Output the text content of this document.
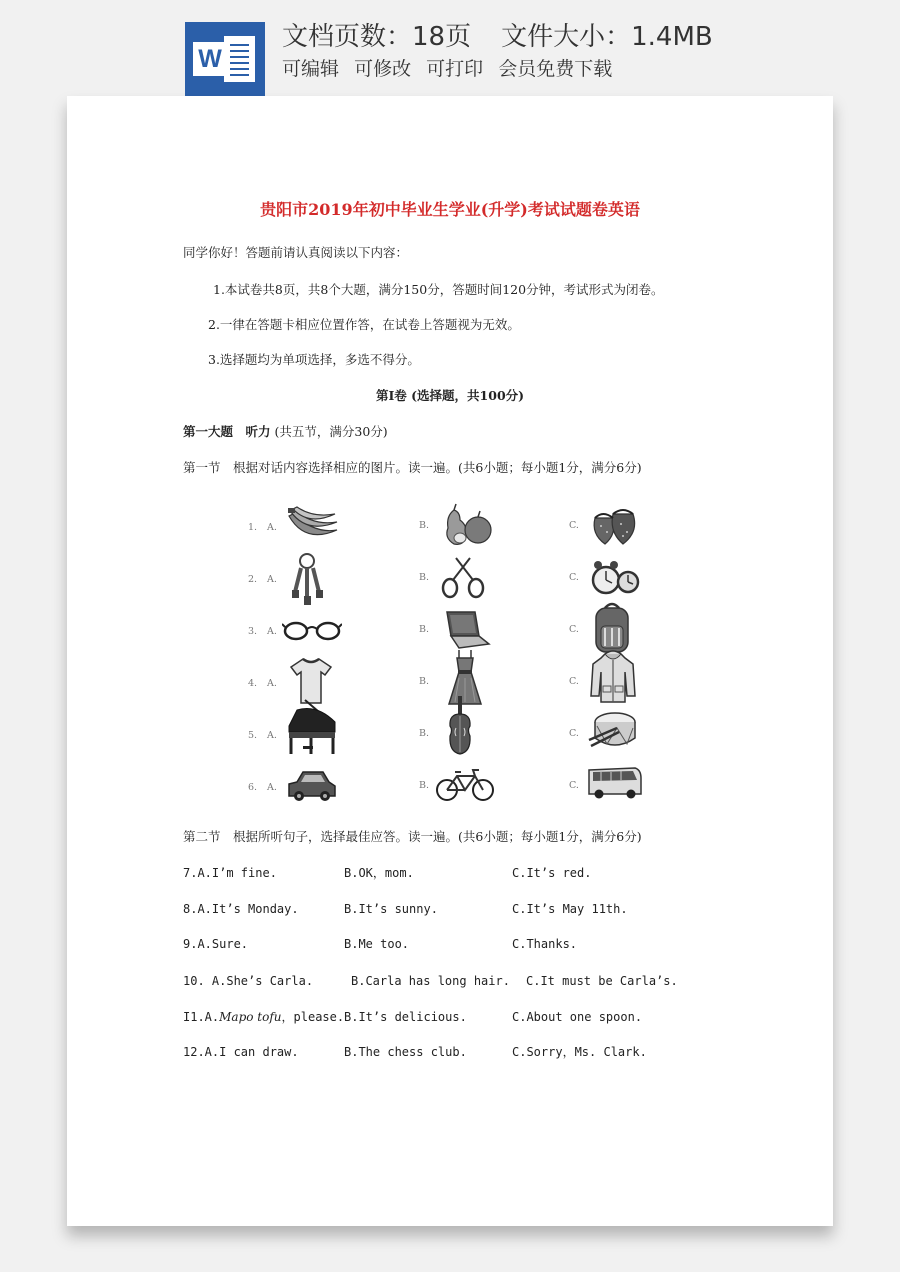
W
文档页数：18页 文件大小：1.4MB
可编辑 可修改 可打印 会员免费下载
贵阳市2019年初中毕业生学业(升学)考试试题卷英语
同学你好！答题前请认真阅读以下内容：
1.本试卷共8页，共8个大题，满分150分，答题时间120分钟，考试形式为闭卷。
2.一律在答题卡相应位置作答，在试卷上答题视为无效。
3.选择题均为单项选择，多选不得分。
第Ⅰ卷 (选择题，共100分)
第一大题　听力 (共五节，满分30分)
第一节　根据对话内容选择相应的图片。读一遍。(共6小题；每小题1分，满分6分)
1. A.	B.	C.
2. A.	B.	C.
3. A.	B.	C.
4. A.	B.	C.
5. A.	B.	C.
6. A.	B.	C.
第二节　根据所听句子，选择最佳应答。读一遍。(共6小题；每小题1分，满分6分)
7.A.I’m fine.	B.OK，mom.	C.It’s red.
8.A.It’s Monday.	B.It’s sunny.	C.It’s May 11th.
9.A.Sure.	B.Me too.	C.Thanks.
10. A.She’s Carla.	B.Carla has long hair. C.It must be Carla’s.
I1.A.Mapo tofu，please. B.It’s delicious.	C.About one spoon.
12.A.I can draw.	B.The chess club.	C.Sorry，Ms. Clark.
